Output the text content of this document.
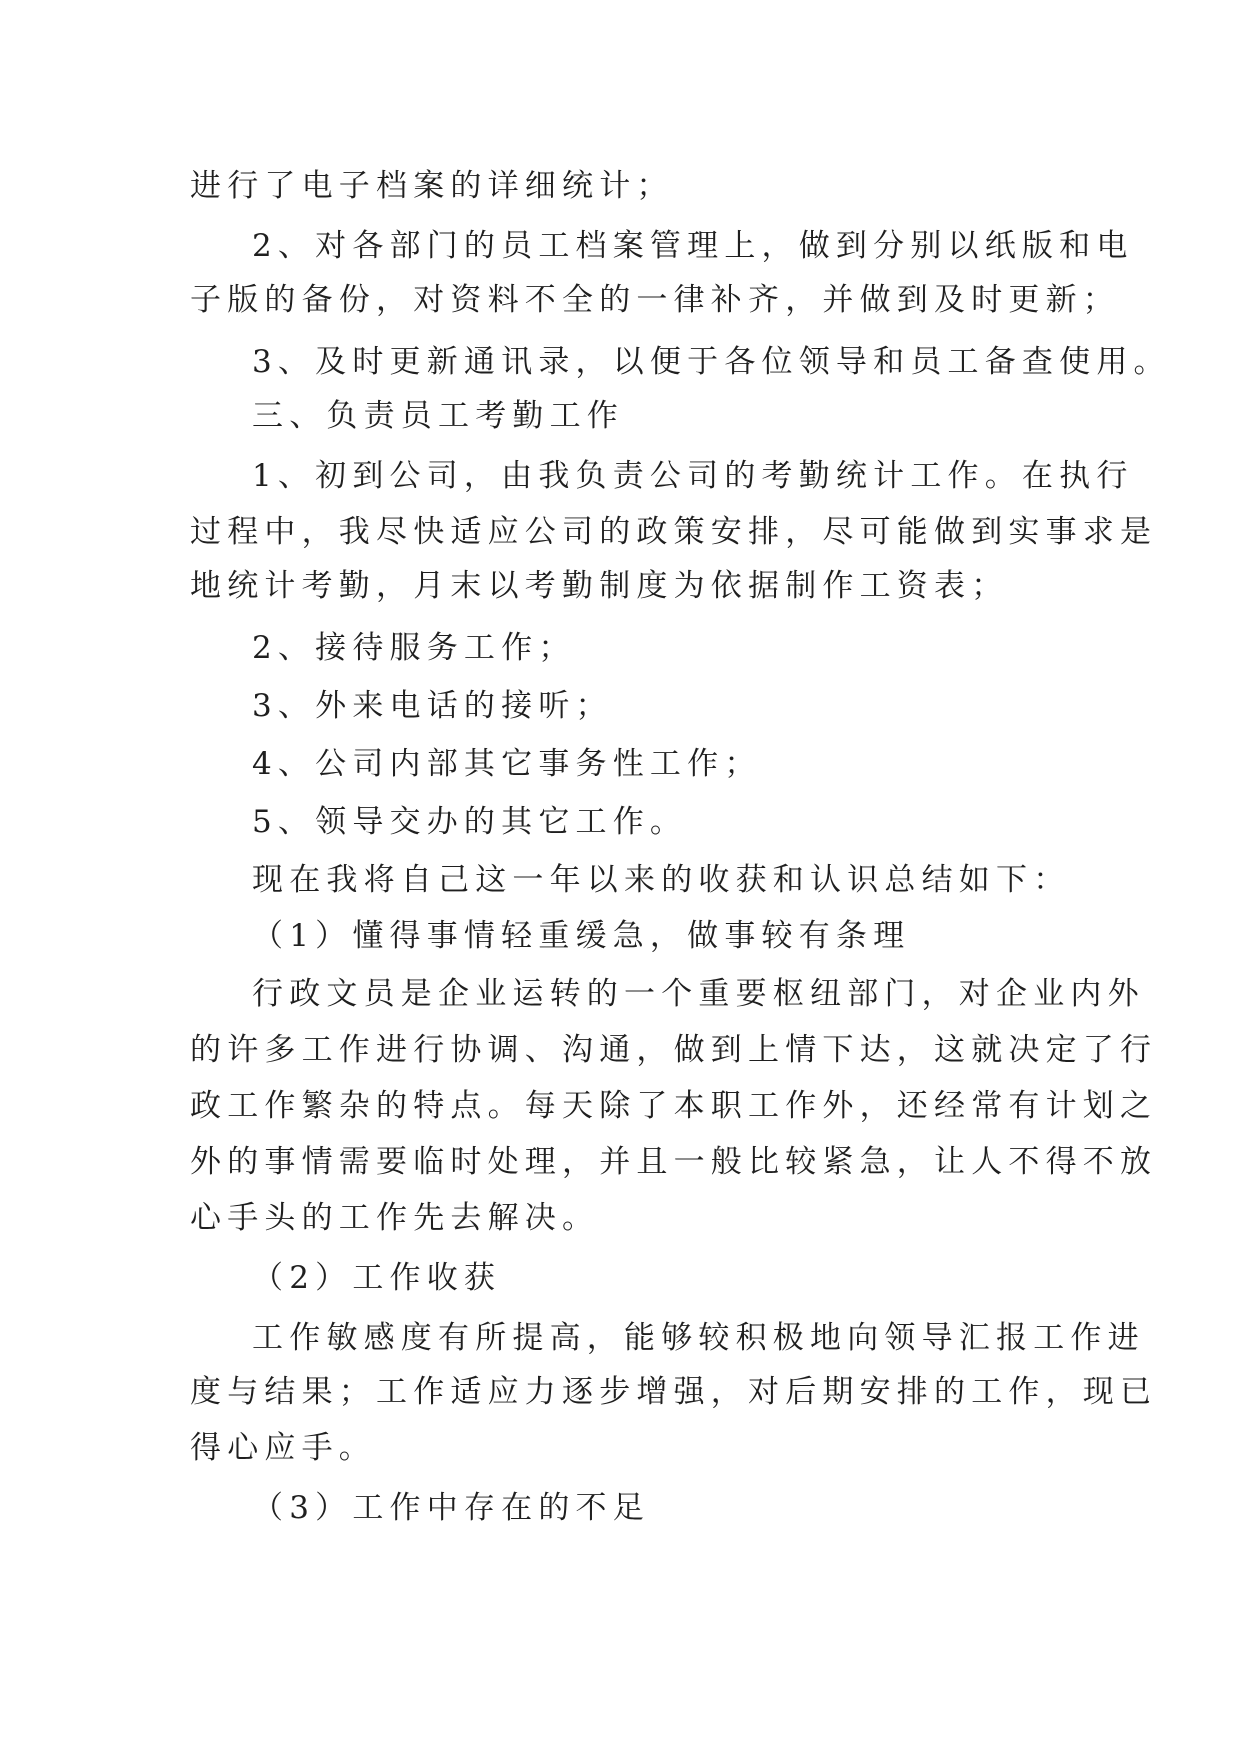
进行了电子档案的详细统计；

2、对各部门的员工档案管理上，做到分别以纸版和电

子版的备份，对资料不全的一律补齐，并做到及时更新；

3、及时更新通讯录，以便于各位领导和员工备查使用。

三、负责员工考勤工作

1、初到公司，由我负责公司的考勤统计工作。在执行

过程中，我尽快适应公司的政策安排，尽可能做到实事求是

地统计考勤，月末以考勤制度为依据制作工资表；

2、接待服务工作；

3、外来电话的接听；

4、公司内部其它事务性工作；

5、领导交办的其它工作。

现在我将自己这一年以来的收获和认识总结如下：

（1）懂得事情轻重缓急，做事较有条理

行政文员是企业运转的一个重要枢纽部门，对企业内外

的许多工作进行协调、沟通，做到上情下达，这就决定了行

政工作繁杂的特点。每天除了本职工作外，还经常有计划之

外的事情需要临时处理，并且一般比较紧急，让人不得不放

心手头的工作先去解决。

（2）工作收获

工作敏感度有所提高，能够较积极地向领导汇报工作进

度与结果；工作适应力逐步增强，对后期安排的工作，现已

得心应手。

（3）工作中存在的不足
